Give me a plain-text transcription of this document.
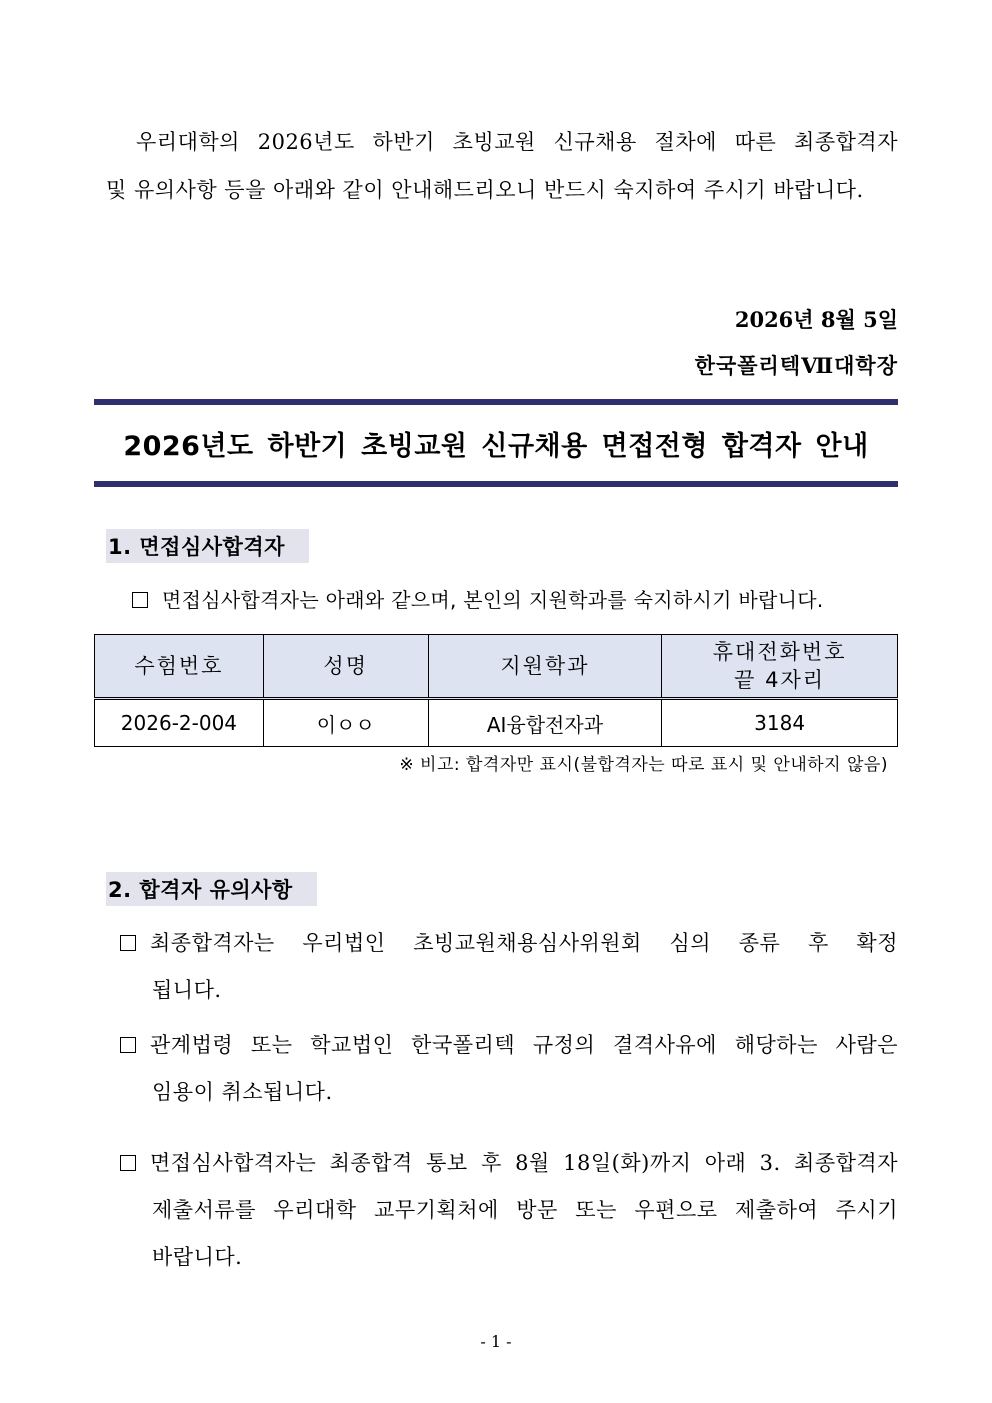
우리대학의 2026년도 하반기 초빙교원 신규채용 절차에 따른 최종합격자
및 유의사항 등을 아래와 같이 안내해드리오니 반드시 숙지하여 주시기 바랍니다.
2026년 8월 5일
한국폴리텍Ⅶ대학장
2026년도 하반기 초빙교원 신규채용 면접전형 합격자 안내
1. 면접심사합격자
면접심사합격자는 아래와 같으며, 본인의 지원학과를 숙지하시기 바랍니다.
수험번호	성명	지원학과	휴대전화번호
끝 4자리

2026-2-004	이ㅇㅇ	AI융합전자과	3184
※ 비고: 합격자만 표시(불합격자는 따로 표시 및 안내하지 않음)
2. 합격자 유의사항
최종합격자는 우리법인 초빙교원채용심사위원회 심의 종류 후 확정
됩니다.
관계법령 또는 학교법인 한국폴리텍 규정의 결격사유에 해당하는 사람은
임용이 취소됩니다.
면접심사합격자는 최종합격 통보 후 8월 18일(화)까지 아래 3. 최종합격자
제출서류를 우리대학 교무기획처에 방문 또는 우편으로 제출하여 주시기
바랍니다.
- 1 -
